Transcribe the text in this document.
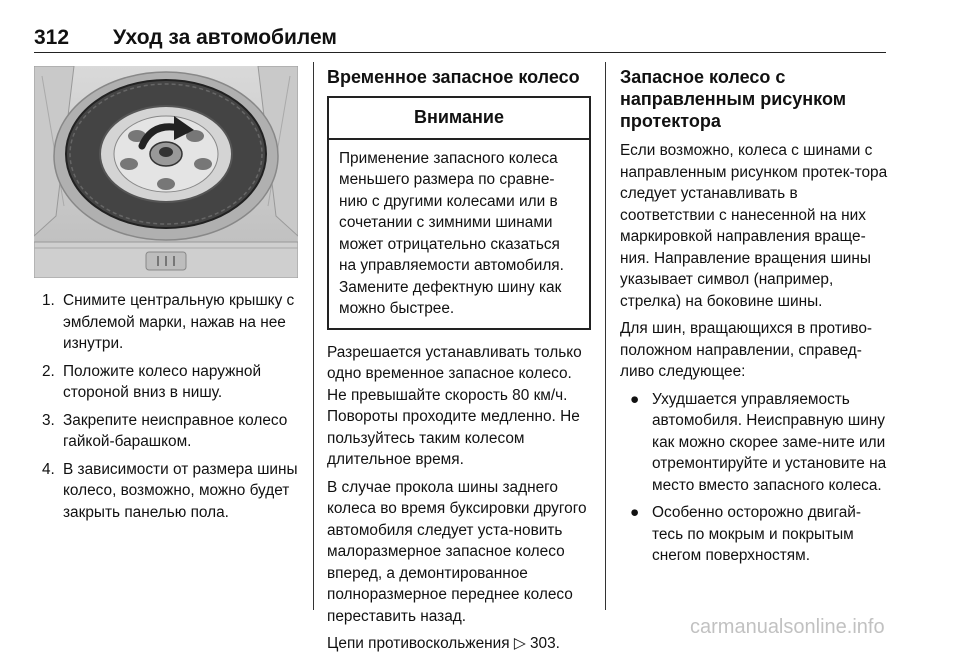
312 Уход за автомобилем
1. Снимите центральную крышку с эмблемой марки, нажав на нее изнутри.
2. Положите колесо наружной стороной вниз в нишу.
3. Закрепите неисправное колесо гайкой-барашком.
4. В зависимости от размера шины колесо, возможно, можно будет закрыть панелью пола.
Временное запасное колесо
Внимание
Применение запасного колеса меньшего размера по сравне-нию с другими колесами или в сочетании с зимними шинами может отрицательно сказаться на управляемости автомобиля. Замените дефектную шину как можно быстрее.

Разрешается устанавливать только одно временное запасное колесо. Не превышайте скорость 80 км/ч. Повороты проходите медленно. Не пользуйтесь таким колесом длительное время.

В случае прокола шины заднего колеса во время буксировки другого автомобиля следует уста-новить малоразмерное запасное колесо вперед, а демонтированное полноразмерное переднее колесо переставить назад.

Цепи противоскольжения ▷ 303.

Запасное колесо с направленным рисунком протектора

Если возможно, колеса с шинами с направленным рисунком протек-тора следует устанавливать в соответствии с нанесенной на них маркировкой направления враще-ния. Направление вращения шины указывает символ (например, стрелка) на боковине шины.

Для шин, вращающихся в противо-положном направлении, справед-ливо следующее:

● Ухудшается управляемость автомобиля. Неисправную шину как можно скорее заме-ните или отремонтируйте и установите на место вместо запасного колеса.
● Особенно осторожно двигай-тесь по мокрым и покрытым снегом поверхностям.
carmanualsonline.info
